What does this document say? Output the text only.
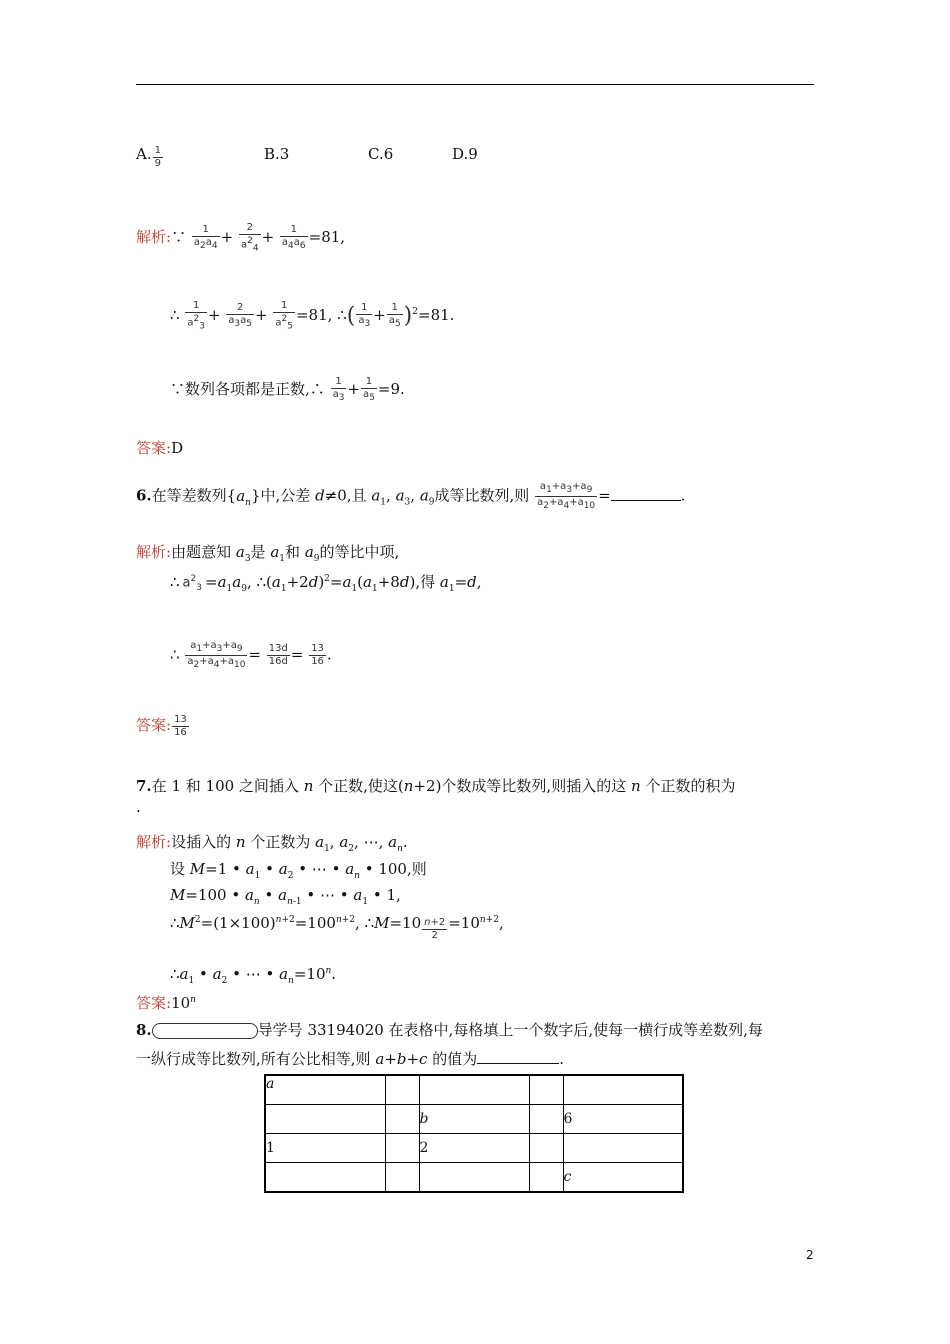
A. $\frac{1}{9}$	B.3	C.6	D.9
解析:∵ $\frac{1}{a_2a_4} + \frac{2}{a^2_4} + \frac{1}{a_4a_6} =81$,
∴ $\frac{1}{a^2_3} + \frac{2}{a_3a_5} + \frac{1}{a^2_5} =81$, ∴( $\frac{1}{a_3} + \frac{1}{a_5} )^2=81$.
∵数列各项都是正数,∴ $\frac{1}{a_3} + \frac{1}{a_5} =9$.
答案:D
6.在等差数列$\{a_n\}$中,公差 d≠0,且 $a_1$, $a_3$, $a_9$成等比数列,则 $\frac{a_1+a_3+a_9}{a_2+a_4+a_{10}}$ =	.
解析:由题意知 $a_3$是 $a_1$和 $a_9$的等比中项,
∴ $a^2_3 =a_1a_9$, $\therefore(a_1+2d)^2=a_1(a_1+8d)$,得 $a_1=d$,
∴ $\frac{a_1+a_3+a_9}{a_2+a_4+a_{10}} = \frac{13d}{16d} = \frac{13}{16}$ .
答案: $\frac{13}{16}$
7.在 1 和 100 之间插入 n 个正数,使这(n+2)个数成等比数列,则插入的这 n 个正数的积为
.
解析:设插入的 n 个正数为 $a_1$, $a_2$, ⋯, $a_n$.
设 M=1 • $a_1$ • $a_2$ • ⋯ • $a_n$ • 100,则
M=100 • $a_n$ • $a_{n-1}$ • ⋯ • $a_1$ • 1,
$\therefore M^2=(1\times 100)^{n+2}=100^{n+2}$, ∴M=10 $\frac{n+2}{2} =10^{n+2}$,
$\therefore a_1$ • $a_2$ • ⋯ • $a_n=10^n$.
答案:10$^n$
8.	导学号 33194020 在表格中,每格填上一个数字后,使每一横行成等差数列,每
一纵行成等比数列,所有公比相等,则 a+b+c 的值为	.
a				
		b		6
1		2		
				c
2
